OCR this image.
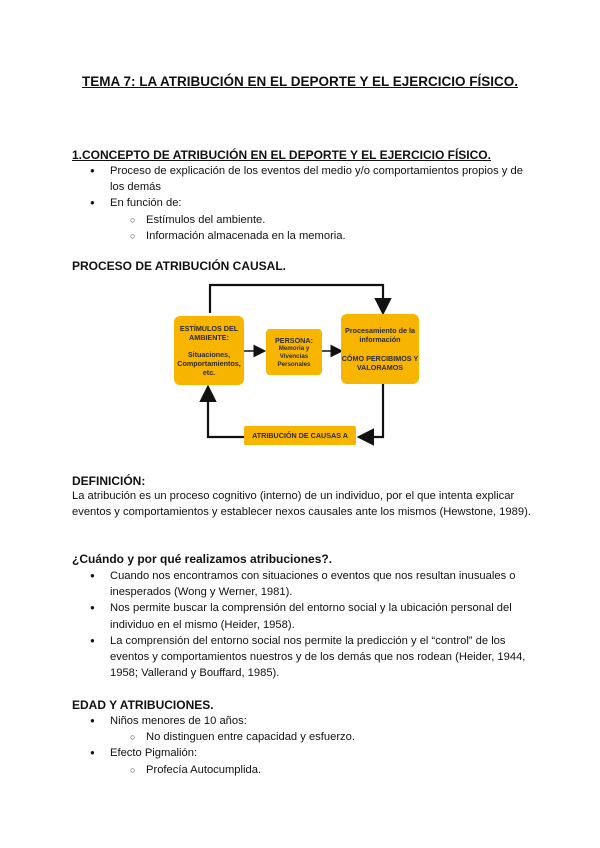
TEMA 7: LA ATRIBUCIÓN EN EL DEPORTE Y EL EJERCICIO FÍSICO.
1.CONCEPTO DE ATRIBUCIÓN EN EL DEPORTE Y EL EJERCICIO FÍSICO.
● Proceso de explicación de los eventos del medio y/o comportamientos propios y de los demás
● En función de:
○ Estímulos del ambiente.
○ Información almacenada en la memoria.
PROCESO DE ATRIBUCIÓN CAUSAL.
ESTÍMULOS DEL AMBIENTE:
Situaciones, Comportamientos, etc.
PERSONA:
Memoria y Vivencias Personales
Procesamiento de la información
CÓMO PERCIBIMOS Y VALORAMOS
ATRIBUCIÓN DE CAUSAS A
DEFINICIÓN:
La atribución es un proceso cognitivo (interno) de un individuo, por el que intenta explicar eventos y comportamientos y establecer nexos causales ante los mismos (Hewstone, 1989).
¿Cuándo y por qué realizamos atribuciones?.
● Cuando nos encontramos con situaciones o eventos que nos resultan inusuales o inesperados (Wong y Werner, 1981).
● Nos permite buscar la comprensión del entorno social y la ubicación personal del individuo en el mismo (Heider, 1958).
● La comprensión del entorno social nos permite la predicción y el “control” de los eventos y comportamientos nuestros y de los demás que nos rodean (Heider, 1944, 1958; Vallerand y Bouffard, 1985).
EDAD Y ATRIBUCIONES.
● Niños menores de 10 años:
○ No distinguen entre capacidad y esfuerzo.
● Efecto Pigmalión:
○ Profecía Autocumplida.
